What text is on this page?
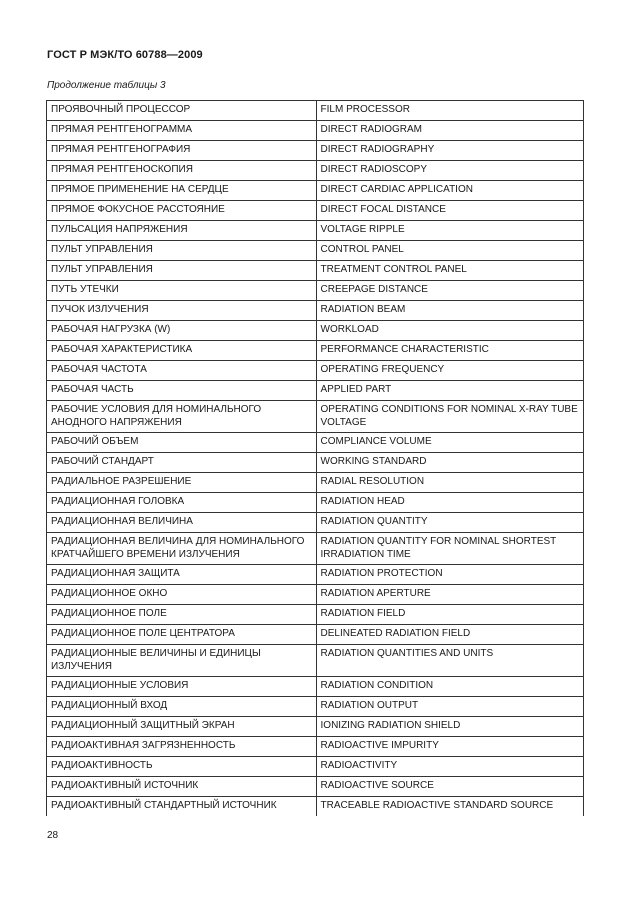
ГОСТ Р МЭК/ТО 60788—2009
Продолжение таблицы 3
ПРОЯВОЧНЫЙ ПРОЦЕССОР	FILM PROCESSOR
ПРЯМАЯ РЕНТГЕНОГРАММА	DIRECT RADIOGRAM
ПРЯМАЯ РЕНТГЕНОГРАФИЯ	DIRECT RADIOGRAPHY
ПРЯМАЯ РЕНТГЕНОСКОПИЯ	DIRECT RADIOSCOPY
ПРЯМОЕ ПРИМЕНЕНИЕ НА СЕРДЦЕ	DIRECT CARDIAC APPLICATION
ПРЯМОЕ ФОКУСНОЕ РАССТОЯНИЕ	DIRECT FOCAL DISTANCE
ПУЛЬСАЦИЯ НАПРЯЖЕНИЯ	VOLTAGE RIPPLE
ПУЛЬТ УПРАВЛЕНИЯ	CONTROL PANEL
ПУЛЬТ УПРАВЛЕНИЯ	TREATMENT CONTROL PANEL
ПУТЬ УТЕЧКИ	CREEPAGE DISTANCE
ПУЧОК ИЗЛУЧЕНИЯ	RADIATION BEAM
РАБОЧАЯ НАГРУЗКА (W)	WORKLOAD
РАБОЧАЯ ХАРАКТЕРИСТИКА	PERFORMANCE CHARACTERISTIC
РАБОЧАЯ ЧАСТОТА	OPERATING FREQUENCY
РАБОЧАЯ ЧАСТЬ	APPLIED PART
РАБОЧИЕ УСЛОВИЯ ДЛЯ НОМИНАЛЬНОГО АНОДНОГО НАПРЯЖЕНИЯ	OPERATING CONDITIONS FOR NOMINAL X-RAY TUBE VOLTAGE
РАБОЧИЙ ОБЪЕМ	COMPLIANCE VOLUME
РАБОЧИЙ СТАНДАРТ	WORKING STANDARD
РАДИАЛЬНОЕ РАЗРЕШЕНИЕ	RADIAL RESOLUTION
РАДИАЦИОННАЯ ГОЛОВКА	RADIATION HEAD
РАДИАЦИОННАЯ ВЕЛИЧИНА	RADIATION QUANTITY
РАДИАЦИОННАЯ ВЕЛИЧИНА ДЛЯ НОМИНАЛЬНОГО КРАТЧАЙШЕГО ВРЕМЕНИ ИЗЛУЧЕНИЯ	RADIATION QUANTITY FOR NOMINAL SHORTEST IRRADIATION TIME
РАДИАЦИОННАЯ ЗАЩИТА	RADIATION PROTECTION
РАДИАЦИОННОЕ ОКНО	RADIATION APERTURE
РАДИАЦИОННОЕ ПОЛЕ	RADIATION FIELD
РАДИАЦИОННОЕ ПОЛЕ ЦЕНТРАТОРА	DELINEATED RADIATION FIELD
РАДИАЦИОННЫЕ ВЕЛИЧИНЫ И ЕДИНИЦЫ ИЗЛУЧЕНИЯ	RADIATION QUANTITIES AND UNITS
РАДИАЦИОННЫЕ УСЛОВИЯ	RADIATION CONDITION
РАДИАЦИОННЫЙ ВХОД	RADIATION OUTPUT
РАДИАЦИОННЫЙ ЗАЩИТНЫЙ ЭКРАН	IONIZING RADIATION SHIELD
РАДИОАКТИВНАЯ ЗАГРЯЗНЕННОСТЬ	RADIOACTIVE IMPURITY
РАДИОАКТИВНОСТЬ	RADIOACTIVITY
РАДИОАКТИВНЫЙ ИСТОЧНИК	RADIOACTIVE SOURCE
РАДИОАКТИВНЫЙ СТАНДАРТНЫЙ ИСТОЧНИК	TRACEABLE RADIOACTIVE STANDARD SOURCE
28
